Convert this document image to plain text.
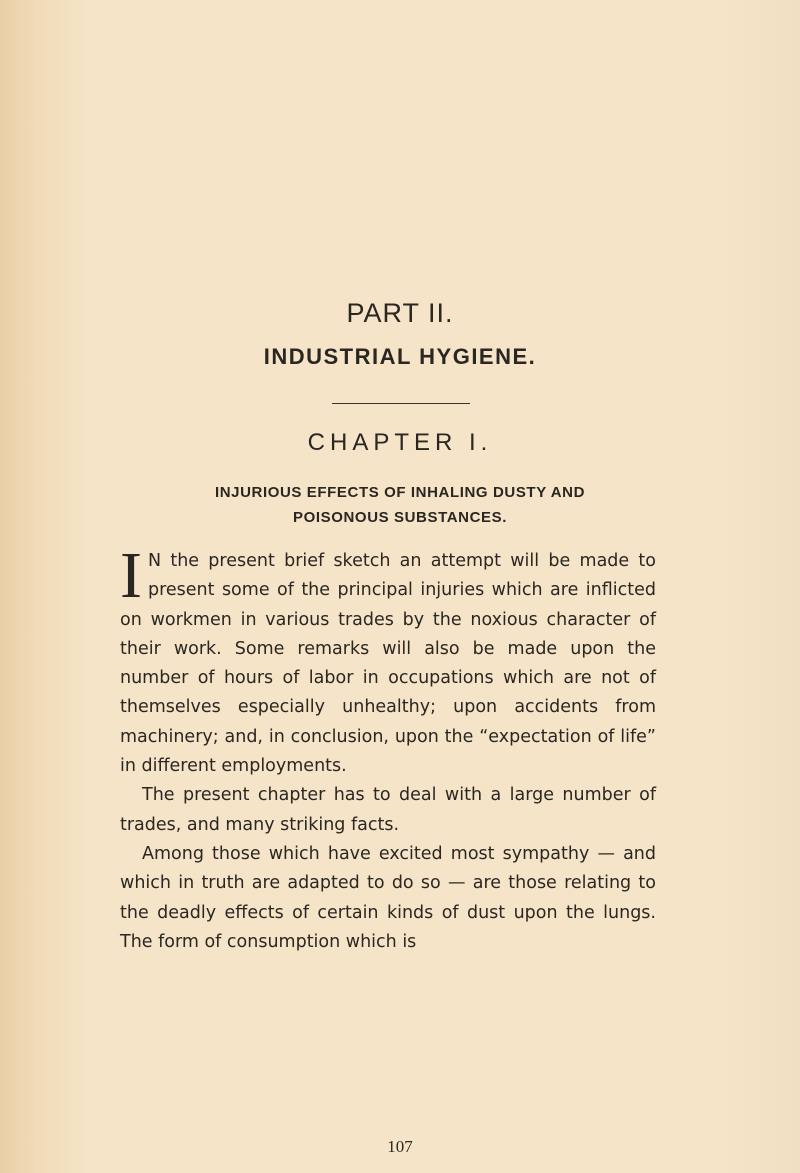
PART II.
INDUSTRIAL HYGIENE.
CHAPTER I.
INJURIOUS EFFECTS OF INHALING DUSTY AND
POISONOUS SUBSTANCES.

I N the present brief sketch an attempt will be made to present some of the principal injuries which are inflicted on workmen in various trades by the noxious character of their work. Some remarks will also be made upon the number of hours of labor in occupations which are not of themselves especially unhealthy; upon accidents from machinery; and, in conclusion, upon the “expectation of life” in different employments.

The present chapter has to deal with a large number of trades, and many striking facts.

Among those which have excited most sympathy — and which in truth are adapted to do so — are those relating to the deadly effects of certain kinds of dust upon the lungs. The form of consumption which is

107
